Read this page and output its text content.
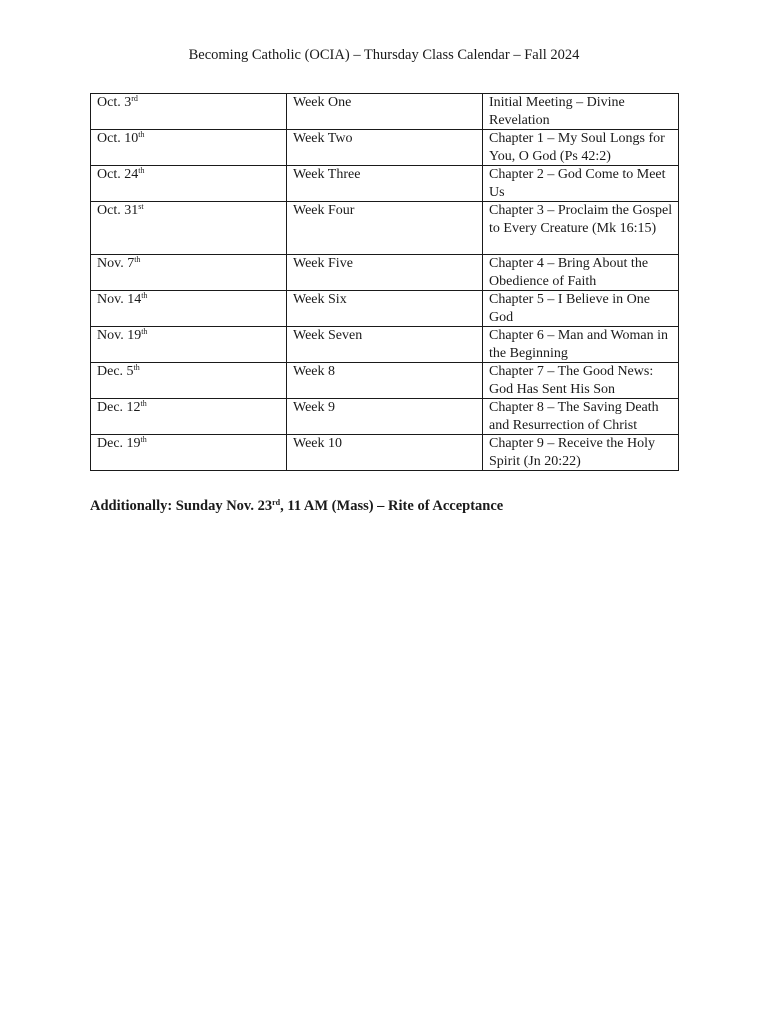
Becoming Catholic (OCIA) – Thursday Class Calendar – Fall 2024
Oct. 3rd	Week One	Initial Meeting – Divine Revelation
Oct. 10th	Week Two	Chapter 1 – My Soul Longs for You, O God (Ps 42:2)
Oct. 24th	Week Three	Chapter 2 – God Come to Meet Us
Oct. 31st	Week Four	Chapter 3 – Proclaim the Gospel to Every Creature (Mk 16:15)
Nov. 7th	Week Five	Chapter 4 – Bring About the Obedience of Faith
Nov. 14th	Week Six	Chapter 5 – I Believe in One God
Nov. 19th	Week Seven	Chapter 6 – Man and Woman in the Beginning
Dec. 5th	Week 8	Chapter 7 – The Good News: God Has Sent His Son
Dec. 12th	Week 9	Chapter 8 – The Saving Death and Resurrection of Christ
Dec. 19th	Week 10	Chapter 9 – Receive the Holy Spirit (Jn 20:22)
Additionally: Sunday Nov. 23rd, 11 AM (Mass) – Rite of Acceptance
